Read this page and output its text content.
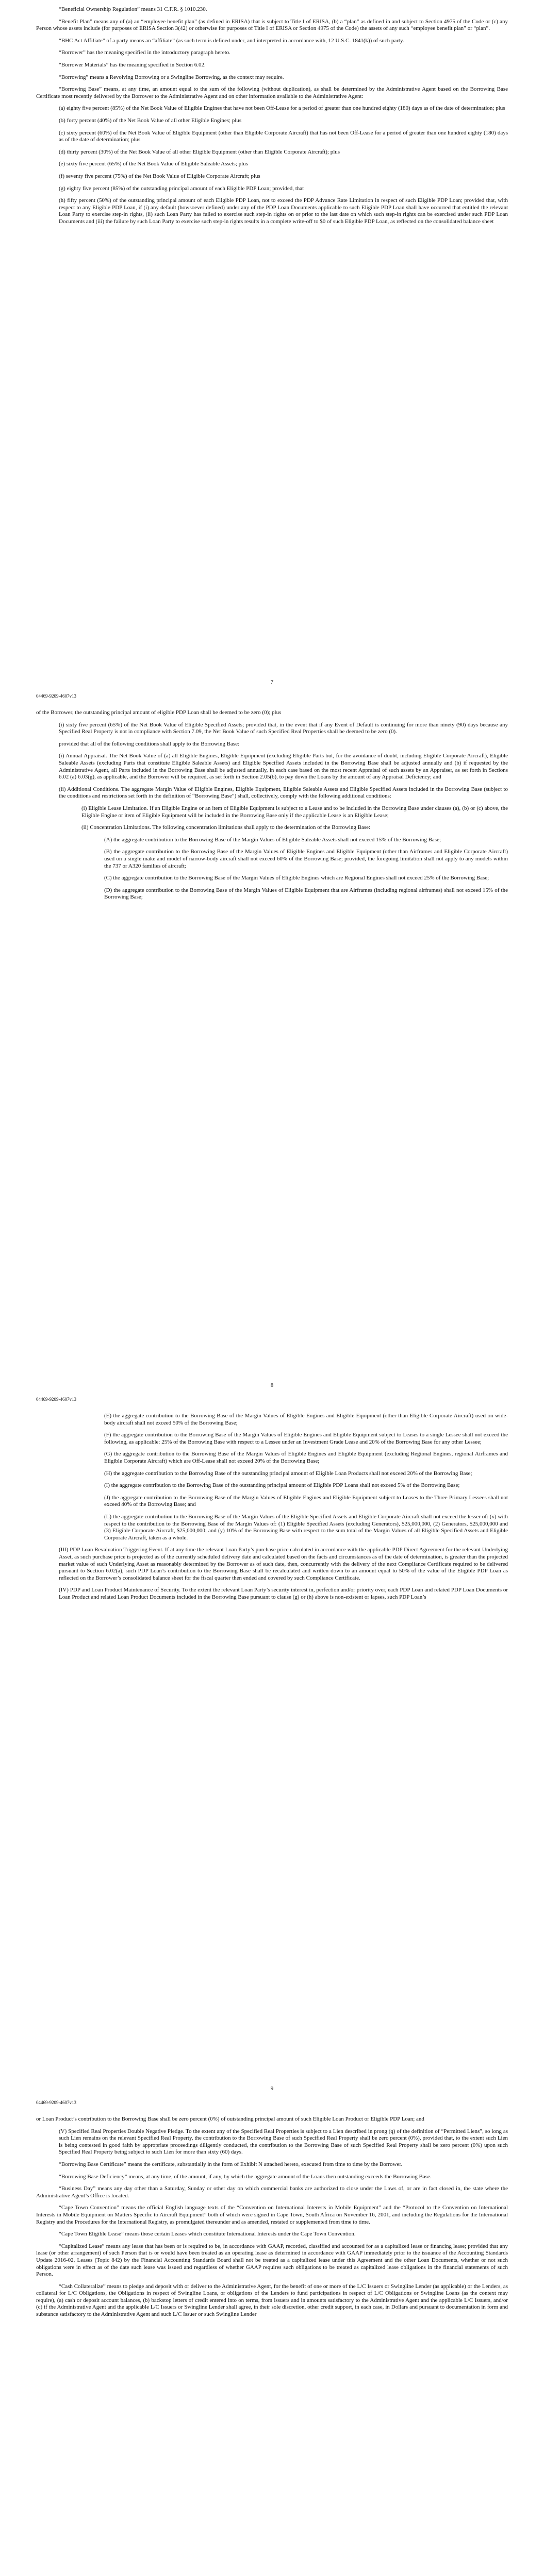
“Beneficial Ownership Regulation” means 31 C.F.R. § 1010.230.

“Benefit Plan” means any of (a) an “employee benefit plan” (as defined in ERISA) that is subject to Title I of ERISA, (b) a “plan” as defined in and subject to Section 4975 of the Code or (c) any Person whose assets include (for purposes of ERISA Section 3(42) or otherwise for purposes of Title I of ERISA or Section 4975 of the Code) the assets of any such “employee benefit plan” or “plan”.

“BHC Act Affiliate” of a party means an “affiliate” (as such term is defined under, and interpreted in accordance with, 12 U.S.C. 1841(k)) of such party.

“Borrower” has the meaning specified in the introductory paragraph hereto.

“Borrower Materials” has the meaning specified in Section 6.02.

“Borrowing” means a Revolving Borrowing or a Swingline Borrowing, as the context may require.

“Borrowing Base” means, at any time, an amount equal to the sum of the following (without duplication), as shall be determined by the Administrative Agent based on the Borrowing Base Certificate most recently delivered by the Borrower to the Administrative Agent and on other information available to the Administrative Agent:

(a) eighty five percent (85%) of the Net Book Value of Eligible Engines that have not been Off-Lease for a period of greater than one hundred eighty (180) days as of the date of determination; plus

(b) forty percent (40%) of the Net Book Value of all other Eligible Engines; plus

(c) sixty percent (60%) of the Net Book Value of Eligible Equipment (other than Eligible Corporate Aircraft) that has not been Off-Lease for a period of greater than one hundred eighty (180) days as of the date of determination; plus

(d) thirty percent (30%) of the Net Book Value of all other Eligible Equipment (other than Eligible Corporate Aircraft); plus

(e) sixty five percent (65%) of the Net Book Value of Eligible Saleable Assets; plus

(f) seventy five percent (75%) of the Net Book Value of Eligible Corporate Aircraft; plus

(g) eighty five percent (85%) of the outstanding principal amount of each Eligible PDP Loan; provided, that

(h) fifty percent (50%) of the outstanding principal amount of each Eligible PDP Loan, not to exceed the PDP Advance Rate Limitation in respect of such Eligible PDP Loan; provided that, with respect to any Eligible PDP Loan, if (i) any default (howsoever defined) under any of the PDP Loan Documents applicable to such Eligible PDP Loan shall have occurred that entitled the relevant Loan Party to exercise step-in rights, (ii) such Loan Party has failed to exercise such step-in rights on or prior to the last date on which such step-in rights can be exercised under such PDP Loan Documents and (iii) the failure by such Loan Party to exercise such step-in rights results in a complete write-off to $0 of such Eligible PDP Loan, as reflected on the consolidated balance sheet

7
04469-9209-4607v13

of the Borrower, the outstanding principal amount of eligible PDP Loan shall be deemed to be zero (0); plus

(i) sixty five percent (65%) of the Net Book Value of Eligible Specified Assets; provided that, in the event that if any Event of Default is continuing for more than ninety (90) days because any Specified Real Property is not in compliance with Section 7.09, the Net Book Value of such Specified Real Properties shall be deemed to be zero (0).

provided that all of the following conditions shall apply to the Borrowing Base:

(i) Annual Appraisal. The Net Book Value of (a) all Eligible Engines, Eligible Equipment (excluding Eligible Parts but, for the avoidance of doubt, including Eligible Corporate Aircraft), Eligible Saleable Assets (excluding Parts that constitute Eligible Saleable Assets) and Eligible Specified Assets included in the Borrowing Base shall be adjusted annually and (b) if requested by the Administrative Agent, all Parts included in the Borrowing Base shall be adjusted annually, in each case based on the most recent Appraisal of such assets by an Appraiser, as set forth in Sections 6.02 (a) 6.03(g), as applicable, and the Borrower will be required, as set forth in Section 2.05(b), to pay down the Loans by the amount of any Appraisal Deficiency; and

(ii) Additional Conditions. The aggregate Margin Value of Eligible Engines, Eligible Equipment, Eligible Saleable Assets and Eligible Specified Assets included in the Borrowing Base (subject to the conditions and restrictions set forth in the definition of “Borrowing Base”) shall, collectively, comply with the following additional conditions:

(i) Eligible Lease Limitation. If an Eligible Engine or an item of Eligible Equipment is subject to a Lease and to be included in the Borrowing Base under clauses (a), (b) or (c) above, the Eligible Engine or item of Eligible Equipment will be included in the Borrowing Base only if the applicable Lease is an Eligible Lease;

(ii) Concentration Limitations. The following concentration limitations shall apply to the determination of the Borrowing Base:

(A) the aggregate contribution to the Borrowing Base of the Margin Values of Eligible Saleable Assets shall not exceed 15% of the Borrowing Base;

(B) the aggregate contribution to the Borrowing Base of the Margin Values of Eligible Engines and Eligible Equipment (other than Airframes and Eligible Corporate Aircraft) used on a single make and model of narrow-body aircraft shall not exceed 60% of the Borrowing Base; provided, the foregoing limitation shall not apply to any models within the 737 or A320 families of aircraft;

(C) the aggregate contribution to the Borrowing Base of the Margin Values of Eligible Engines which are Regional Engines shall not exceed 25% of the Borrowing Base;

(D) the aggregate contribution to the Borrowing Base of the Margin Values of Eligible Equipment that are Airframes (including regional airframes) shall not exceed 15% of the Borrowing Base;

8
04469-9209-4607v13

(E) the aggregate contribution to the Borrowing Base of the Margin Values of Eligible Engines and Eligible Equipment (other than Eligible Corporate Aircraft) used on wide-body aircraft shall not exceed 50% of the Borrowing Base;

(F) the aggregate contribution to the Borrowing Base of the Margin Values of Eligible Engines and Eligible Equipment subject to Leases to a single Lessee shall not exceed the following, as applicable: 25% of the Borrowing Base with respect to a Lessee under an Investment Grade Lease and 20% of the Borrowing Base for any other Lessee;

(G) the aggregate contribution to the Borrowing Base of the Margin Values of Eligible Engines and Eligible Equipment (excluding Regional Engines, regional Airframes and Eligible Corporate Aircraft) which are Off-Lease shall not exceed 20% of the Borrowing Base;

(H) the aggregate contribution to the Borrowing Base of the outstanding principal amount of Eligible Loan Products shall not exceed 20% of the Borrowing Base;

(I) the aggregate contribution to the Borrowing Base of the outstanding principal amount of Eligible PDP Loans shall not exceed 5% of the Borrowing Base;

(J) the aggregate contribution to the Borrowing Base of the Margin Values of Eligible Engines and Eligible Equipment subject to Leases to the Three Primary Lessees shall not exceed 40% of the Borrowing Base; and

(L) the aggregate contribution to the Borrowing Base of the Margin Values of the Eligible Specified Assets and Eligible Corporate Aircraft shall not exceed the lesser of: (x) with respect to the contribution to the Borrowing Base of the Margin Values of: (1) Eligible Specified Assets (excluding Generators), $25,000,000, (2) Generators, $25,000,000 and (3) Eligible Corporate Aircraft, $25,000,000; and (y) 10% of the Borrowing Base with respect to the sum total of the Margin Values of all Eligible Specified Assets and Eligible Corporate Aircraft, taken as a whole.

(III) PDP Loan Revaluation Triggering Event. If at any time the relevant Loan Party’s purchase price calculated in accordance with the applicable PDP Direct Agreement for the relevant Underlying Asset, as such purchase price is projected as of the currently scheduled delivery date and calculated based on the facts and circumstances as of the date of determination, is greater than the projected market value of such Underlying Asset as reasonably determined by the Borrower as of such date, then, concurrently with the delivery of the next Compliance Certificate required to be delivered pursuant to Section 6.02(a), such PDP Loan’s contribution to the Borrowing Base shall be recalculated and written down to an amount equal to 50% of the value of the Eligible PDP Loan as reflected on the Borrower’s consolidated balance sheet for the fiscal quarter then ended and covered by such Compliance Certificate.

(IV) PDP and Loan Product Maintenance of Security. To the extent the relevant Loan Party’s security interest in, perfection and/or priority over, each PDP Loan and related PDP Loan Documents or Loan Product and related Loan Product Documents included in the Borrowing Base pursuant to clause (g) or (h) above is non-existent or lapses, such PDP Loan’s

9
04469-9209-4607v13

or Loan Product’s contribution to the Borrowing Base shall be zero percent (0%) of outstanding principal amount of such Eligible Loan Product or Eligible PDP Loan; and

(V) Specified Real Properties Double Negative Pledge. To the extent any of the Specified Real Properties is subject to a Lien described in prong (q) of the definition of “Permitted Liens”, so long as such Lien remains on the relevant Specified Real Property, the contribution to the Borrowing Base of such Specified Real Property shall be zero percent (0%), provided that, to the extent such Lien is being contested in good faith by appropriate proceedings diligently conducted, the contribution to the Borrowing Base of such Specified Real Property shall be zero percent (0%) upon such Specified Real Property being subject to such Lien for more than sixty (60) days.

“Borrowing Base Certificate” means the certificate, substantially in the form of Exhibit N attached hereto, executed from time to time by the Borrower.

“Borrowing Base Deficiency” means, at any time, of the amount, if any, by which the aggregate amount of the Loans then outstanding exceeds the Borrowing Base.

“Business Day” means any day other than a Saturday, Sunday or other day on which commercial banks are authorized to close under the Laws of, or are in fact closed in, the state where the Administrative Agent’s Office is located.

“Cape Town Convention” means the official English language texts of the “Convention on International Interests in Mobile Equipment” and the “Protocol to the Convention on International Interests in Mobile Equipment on Matters Specific to Aircraft Equipment” both of which were signed in Cape Town, South Africa on November 16, 2001, and including the Regulations for the International Registry and the Procedures for the International Registry, as promulgated thereunder and as amended, restated or supplemented from time to time.

“Cape Town Eligible Lease” means those certain Leases which constitute International Interests under the Cape Town Convention.

“Capitalized Lease” means any lease that has been or is required to be, in accordance with GAAP, recorded, classified and accounted for as a capitalized lease or financing lease; provided that any lease (or other arrangement) of such Person that is or would have been treated as an operating lease as determined in accordance with GAAP immediately prior to the issuance of the Accounting Standards Update 2016-02, Leases (Topic 842) by the Financial Accounting Standards Board shall not be treated as a capitalized lease under this Agreement and the other Loan Documents, whether or not such obligations were in effect as of the date such lease was issued and regardless of whether GAAP requires such obligations to be treated as capitalized lease obligations in the financial statements of such Person.

“Cash Collateralize” means to pledge and deposit with or deliver to the Administrative Agent, for the benefit of one or more of the L/C Issuers or Swingline Lender (as applicable) or the Lenders, as collateral for L/C Obligations, the Obligations in respect of Swingline Loans, or obligations of the Lenders to fund participations in respect of L/C Obligations or Swingline Loans (as the context may require), (a) cash or deposit account balances, (b) backstop letters of credit entered into on terms, from issuers and in amounts satisfactory to the Administrative Agent and the applicable L/C Issuers, and/or (c) if the Administrative Agent and the applicable L/C Issuers or Swingline Lender shall agree, in their sole discretion, other credit support, in each case, in Dollars and pursuant to documentation in form and substance satisfactory to the Administrative Agent and such L/C Issuer or such Swingline Lender
